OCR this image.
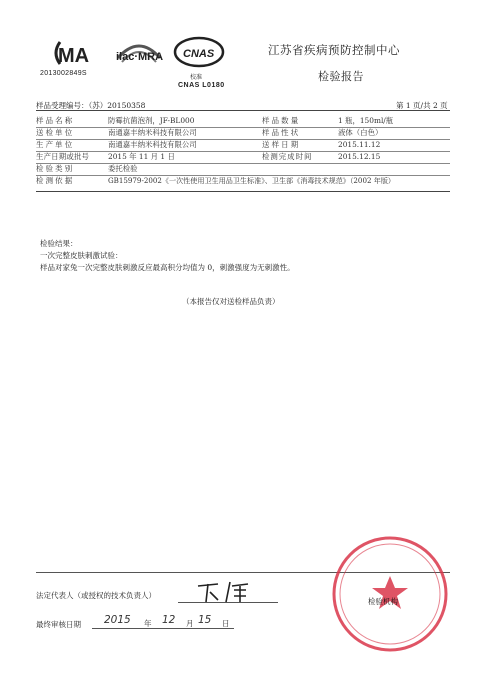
MA
2013002849S
ilac·MRA CNAS
校准
CNAS L0180
江苏省疾病预防控制中心
检验报告
样品受理编号：（苏）20150358	第 1 页/共 2 页
样品名称	防霉抗菌泡剂，JF-BL000	样品数量	1 瓶，150ml/瓶
送检单位	南通嘉丰纳米科技有限公司	样品性状	液体（白色）
生产单位	南通嘉丰纳米科技有限公司	送样日期	2015.11.12
生产日期或批号	2015 年 11 月 1 日	检测完成时间	2015.12.15
检验类别	委托检验
检测依据	GB15979-2002《一次性使用卫生用品卫生标准》、卫生部《消毒技术规范》（2002 年版）
检验结果：
一次完整皮肤刺激试验：
样品对家兔一次完整皮肤刺激反应最高积分均值为 0，刺激强度为无刺激性。
（本报告仅对送检样品负责）
法定代表人（或授权的技术负责人）
最终审核日期 2015 年 12 月 15 日
检验机构
